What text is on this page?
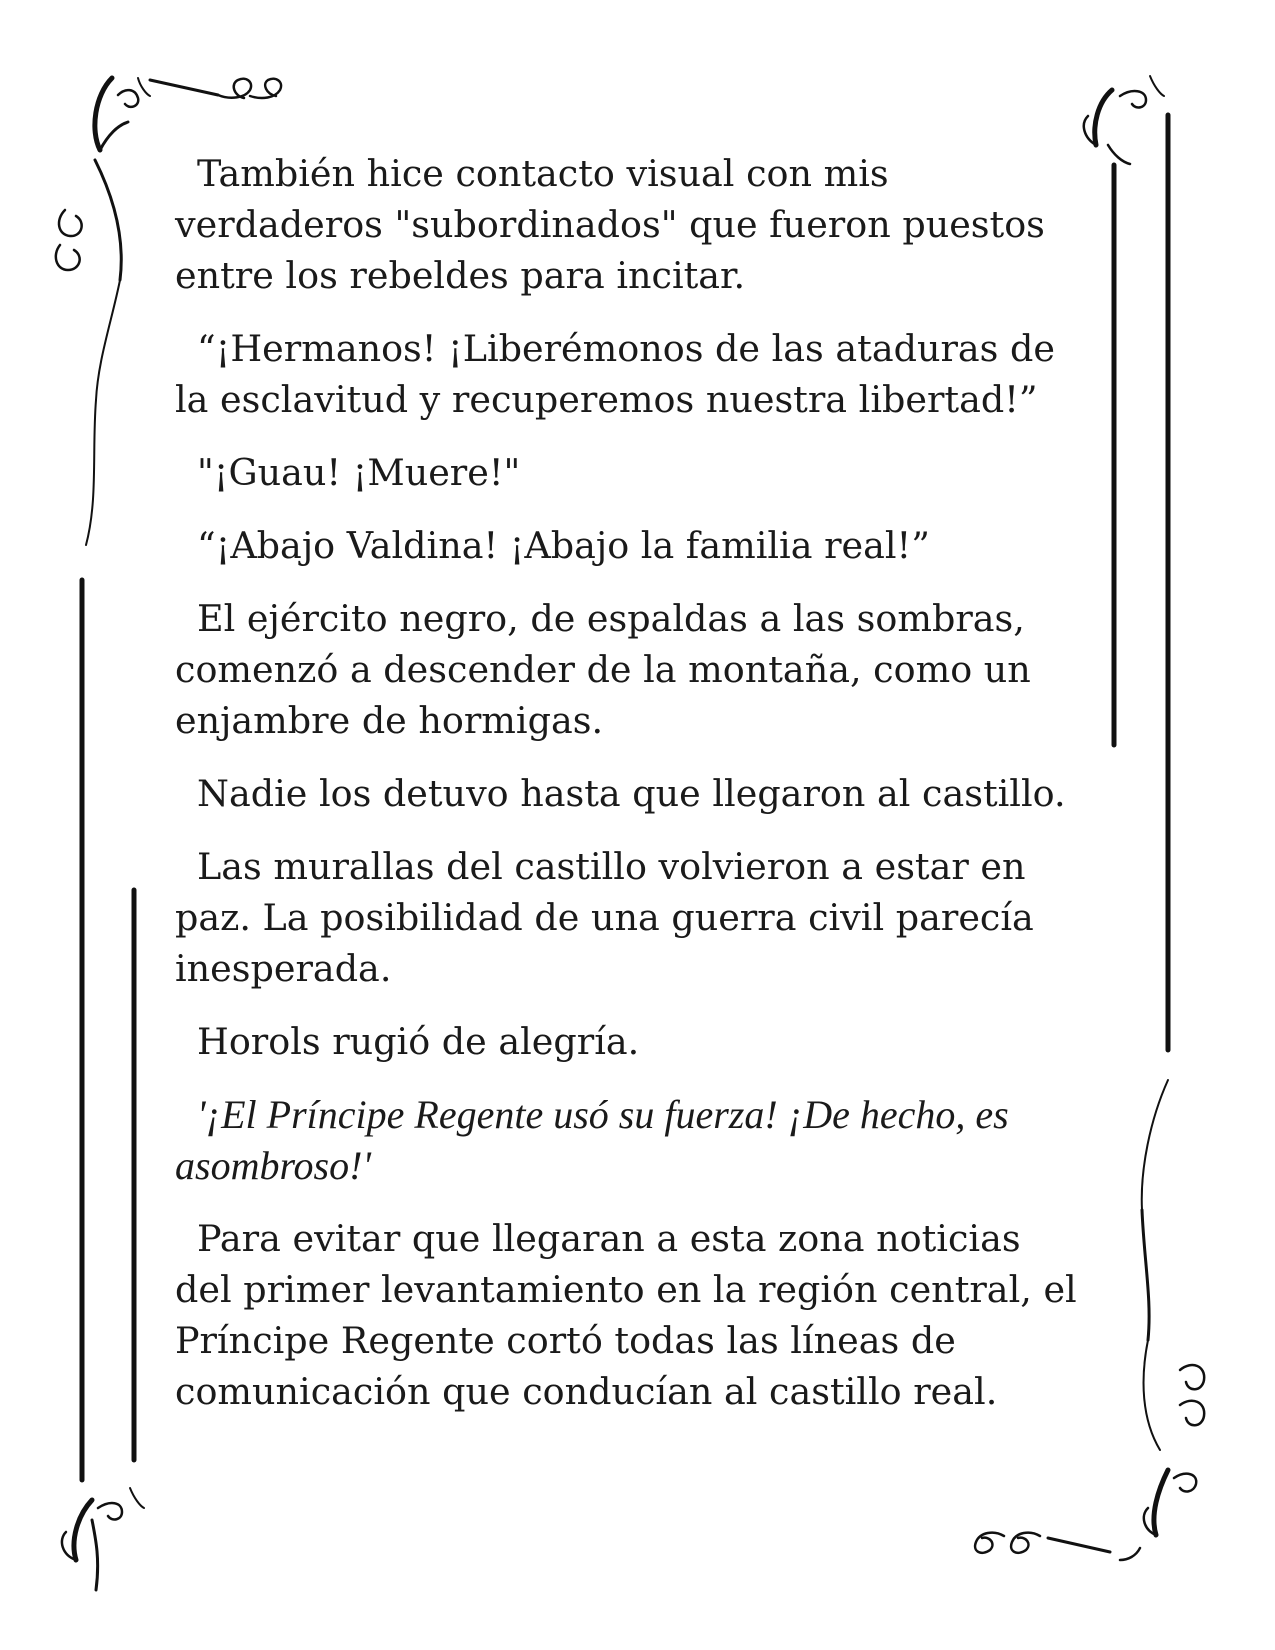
También hice contacto visual con mis verdaderos "subordinados" que fueron puestos entre los rebeldes para incitar.

“¡Hermanos! ¡Liberémonos de las ataduras de la esclavitud y recuperemos nuestra libertad!”

"¡Guau! ¡Muere!"

“¡Abajo Valdina! ¡Abajo la familia real!”

El ejército negro, de espaldas a las sombras, comenzó a descender de la montaña, como un enjambre de hormigas.

Nadie los detuvo hasta que llegaron al castillo.

Las murallas del castillo volvieron a estar en paz. La posibilidad de una guerra civil parecía inesperada.

Horols rugió de alegría.

'¡El Príncipe Regente usó su fuerza! ¡De hecho, es asombroso!'

Para evitar que llegaran a esta zona noticias del primer levantamiento en la región central, el Príncipe Regente cortó todas las líneas de comunicación que conducían al castillo real.
